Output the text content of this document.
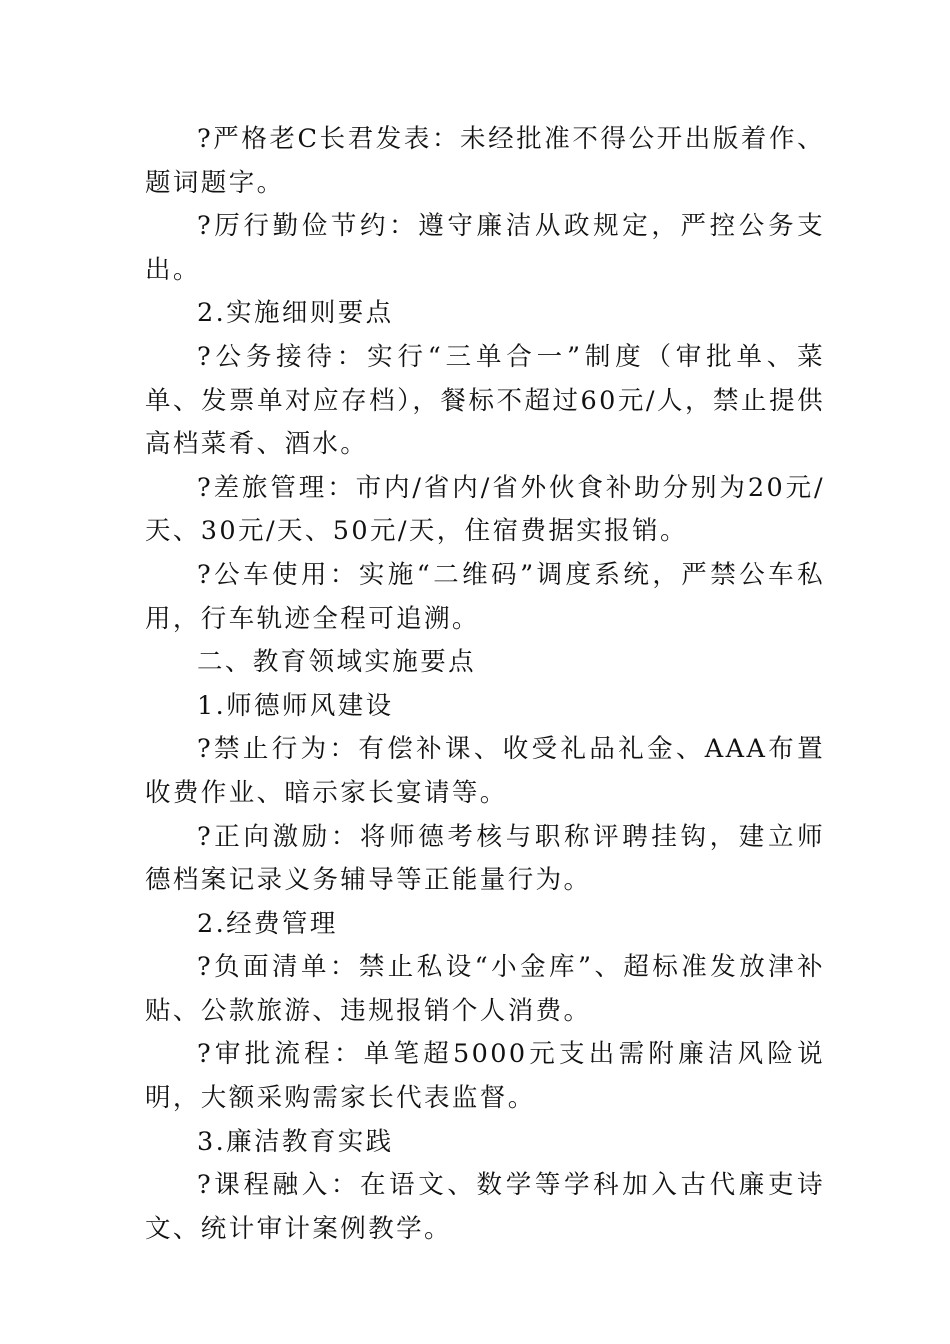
?严格老C长君发表：未经批准不得公开出版着作、题词题字。

?厉行勤俭节约：遵守廉洁从政规定，严控公务支出。

2.实施细则要点

?公务接待：实行“三单合一”制度（审批单、菜单、发票单对应存档），餐标不超过60元/人，禁止提供高档菜肴、酒水。

?差旅管理：市内/省内/省外伙食补助分别为20元/天、30元/天、50元/天，住宿费据实报销。

?公车使用：实施“二维码”调度系统，严禁公车私用，行车轨迹全程可追溯。

二、教育领域实施要点

1.师德师风建设

?禁止行为：有偿补课、收受礼品礼金、AAA布置收费作业、暗示家长宴请等。

?正向激励：将师德考核与职称评聘挂钩，建立师德档案记录义务辅导等正能量行为。

2.经费管理

?负面清单：禁止私设“小金库”、超标准发放津补贴、公款旅游、违规报销个人消费。

?审批流程：单笔超5000元支出需附廉洁风险说明，大额采购需家长代表监督。

3.廉洁教育实践

?课程融入：在语文、数学等学科加入古代廉吏诗文、统计审计案例教学。
